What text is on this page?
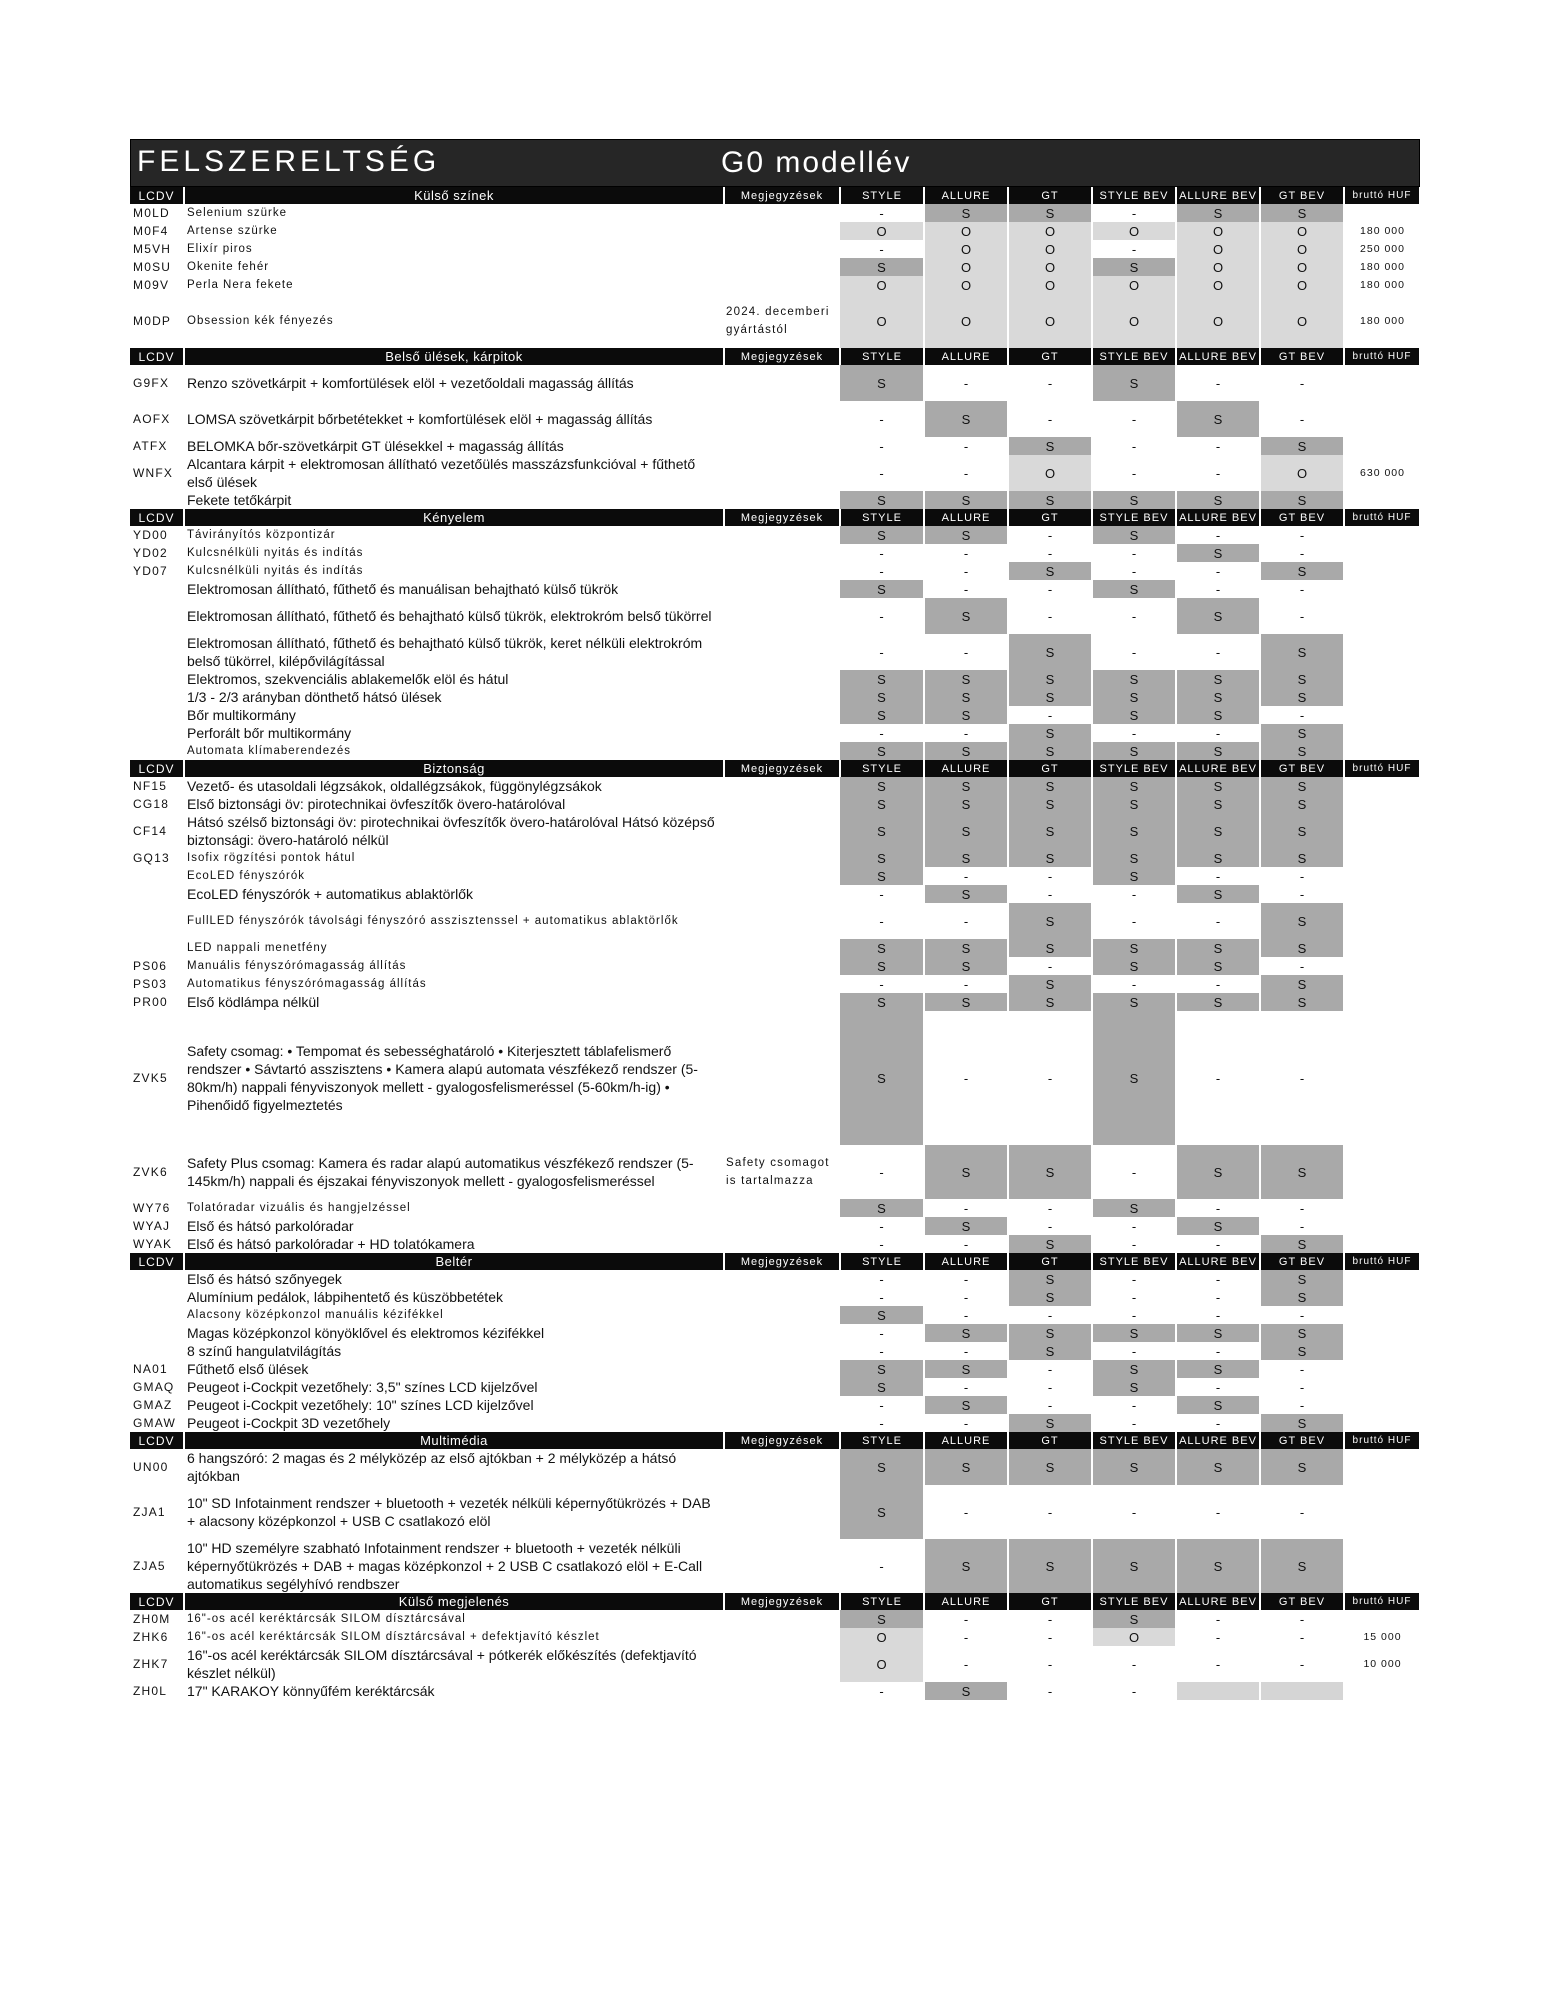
FELSZERELTSÉG	G0 modellév
LCDV	Külső színek	Megjegyzések	STYLE	ALLURE	GT	STYLE BEV	ALLURE BEV	GT BEV	bruttó HUF
M0LD	Selenium szürke		-	S	S	-	S	S	
M0F4	Artense szürke		O	O	O	O	O	O	180 000
M5VH	Elixír piros		-	O	O	-	O	O	250 000
M0SU	Okenite fehér		S	O	O	S	O	O	180 000
M09V	Perla Nera fekete		O	O	O	O	O	O	180 000
M0DP	Obsession kék fényezés	2024. decemberi gyártástól	O	O	O	O	O	O	180 000
LCDV	Belső ülések, kárpitok	Megjegyzések	STYLE	ALLURE	GT	STYLE BEV	ALLURE BEV	GT BEV	bruttó HUF
G9FX	Renzo szövetkárpit + komfortülések elöl + vezetőoldali magasság állítás		S	-	-	S	-	-	
AOFX	LOMSA szövetkárpit bőrbetétekket + komfortülések elöl + magasság állítás		-	S	-	-	S	-	
ATFX	BELOMKA bőr-szövetkárpit GT ülésekkel + magasság állítás		-	-	S	-	-	S	
WNFX	Alcantara kárpit + elektromosan állítható vezetőülés masszázsfunkcióval + fűthető első ülések		-	-	O	-	-	O	630 000
	Fekete tetőkárpit		S	S	S	S	S	S	
LCDV	Kényelem	Megjegyzések	STYLE	ALLURE	GT	STYLE BEV	ALLURE BEV	GT BEV	bruttó HUF
YD00	Távirányítós központizár		S	S	-	S	-	-	
YD02	Kulcsnélküli nyitás és indítás		-	-	-	-	S	-	
YD07	Kulcsnélküli nyitás és indítás		-	-	S	-	-	S	
	Elektromosan állítható, fűthető és manuálisan behajtható külső tükrök		S	-	-	S	-	-	
	Elektromosan állítható, fűthető és behajtható külső tükrök, elektrokróm belső tükörrel		-	S	-	-	S	-	
	Elektromosan állítható, fűthető és behajtható külső tükrök, keret nélküli elektrokróm belső tükörrel, kilépővilágítással		-	-	S	-	-	S	
	Elektromos, szekvenciális ablakemelők elöl és hátul		S	S	S	S	S	S	
	1/3 - 2/3 arányban dönthető hátsó ülések		S	S	S	S	S	S	
	Bőr multikormány		S	S	-	S	S	-	
	Perforált bőr multikormány		-	-	S	-	-	S	
	Automata klímaberendezés		S	S	S	S	S	S	
LCDV	Biztonság	Megjegyzések	STYLE	ALLURE	GT	STYLE BEV	ALLURE BEV	GT BEV	bruttó HUF
NF15	Vezető- és utasoldali légzsákok, oldallégzsákok, függönylégzsákok		S	S	S	S	S	S	
CG18	Első biztonsági öv: pirotechnikai övfeszítők övero-határolóval		S	S	S	S	S	S	
CF14	Hátsó szélső biztonsági öv: pirotechnikai övfeszítők övero-határolóval Hátsó középső biztonsági: övero-határoló nélkül		S	S	S	S	S	S	
GQ13	Isofix rögzítési pontok hátul		S	S	S	S	S	S	
	EcoLED fényszórók		S	-	-	S	-	-	
	EcoLED fényszórók + automatikus ablaktörlők		-	S	-	-	S	-	
	FullLED fényszórók távolsági fényszóró asszisztenssel + automatikus ablaktörlők		-	-	S	-	-	S	
	LED nappali menetfény		S	S	S	S	S	S	
PS06	Manuális fényszórómagasság állítás		S	S	-	S	S	-	
PS03	Automatikus fényszórómagasság állítás		-	-	S	-	-	S	
PR00	Első ködlámpa nélkül		S	S	S	S	S	S	
ZVK5	Safety csomag: • Tempomat és sebességhatároló • Kiterjesztett táblafelismerő rendszer • Sávtartó asszisztens • Kamera alapú automata vészfékező rendszer (5-80km/h) nappali fényviszonyok mellett - gyalogosfelismeréssel (5-60km/h-ig) • Pihenőidő figyelmeztetés		S	-	-	S	-	-	
ZVK6	Safety Plus csomag: Kamera és radar alapú automatikus vészfékező rendszer (5-145km/h) nappali és éjszakai fényviszonyok mellett - gyalogosfelismeréssel	Safety csomagot is tartalmazza	-	S	S	-	S	S	
WY76	Tolatóradar vizuális és hangjelzéssel		S	-	-	S	-	-	
WYAJ	Első és hátsó parkolóradar		-	S	-	-	S	-	
WYAK	Első és hátsó parkolóradar + HD tolatókamera		-	-	S	-	-	S	
LCDV	Beltér	Megjegyzések	STYLE	ALLURE	GT	STYLE BEV	ALLURE BEV	GT BEV	bruttó HUF
	Első és hátsó szőnyegek		-	-	S	-	-	S	
	Alumínium pedálok, lábpihentető és küszöbbetétek		-	-	S	-	-	S	
	Alacsony középkonzol manuális kézifékkel		S	-	-	-	-	-	
	Magas középkonzol könyöklővel és elektromos kézifékkel		-	S	S	S	S	S	
	8 színű hangulatvilágítás		-	-	S	-	-	S	
NA01	Fűthető első ülések		S	S	-	S	S	-	
GMAQ	Peugeot i-Cockpit vezetőhely: 3,5" színes LCD kijelzővel		S	-	-	S	-	-	
GMAZ	Peugeot i-Cockpit vezetőhely: 10" színes LCD kijelzővel		-	S	-	-	S	-	
GMAW	Peugeot i-Cockpit 3D vezetőhely		-	-	S	-	-	S	
LCDV	Multimédia	Megjegyzések	STYLE	ALLURE	GT	STYLE BEV	ALLURE BEV	GT BEV	bruttó HUF
UN00	6 hangszóró: 2 magas és 2 mélyközép az első ajtókban + 2 mélyközép a hátsó ajtókban		S	S	S	S	S	S	
ZJA1	10" SD Infotainment rendszer + bluetooth + vezeték nélküli képernyőtükrözés + DAB + alacsony középkonzol + USB C csatlakozó elöl		S	-	-	-	-	-	
ZJA5	10" HD személyre szabható Infotainment rendszer + bluetooth + vezeték nélküli képernyőtükrözés + DAB + magas középkonzol + 2 USB C csatlakozó elöl + E-Call automatikus segélyhívó rendbszer		-	S	S	S	S	S	
LCDV	Külső megjelenés	Megjegyzések	STYLE	ALLURE	GT	STYLE BEV	ALLURE BEV	GT BEV	bruttó HUF
ZH0M	16"-os acél keréktárcsák SILOM dísztárcsával		S	-	-	S	-	-	
ZHK6	16"-os acél keréktárcsák SILOM dísztárcsával + defektjavító készlet		O	-	-	O	-	-	15 000
ZHK7	16"-os acél keréktárcsák SILOM dísztárcsával + pótkerék előkészítés (defektjavító készlet nélkül)		O	-	-	-	-	-	10 000
ZH0L	17" KARAKOY könnyűfém keréktárcsák		-	S	-	-			
